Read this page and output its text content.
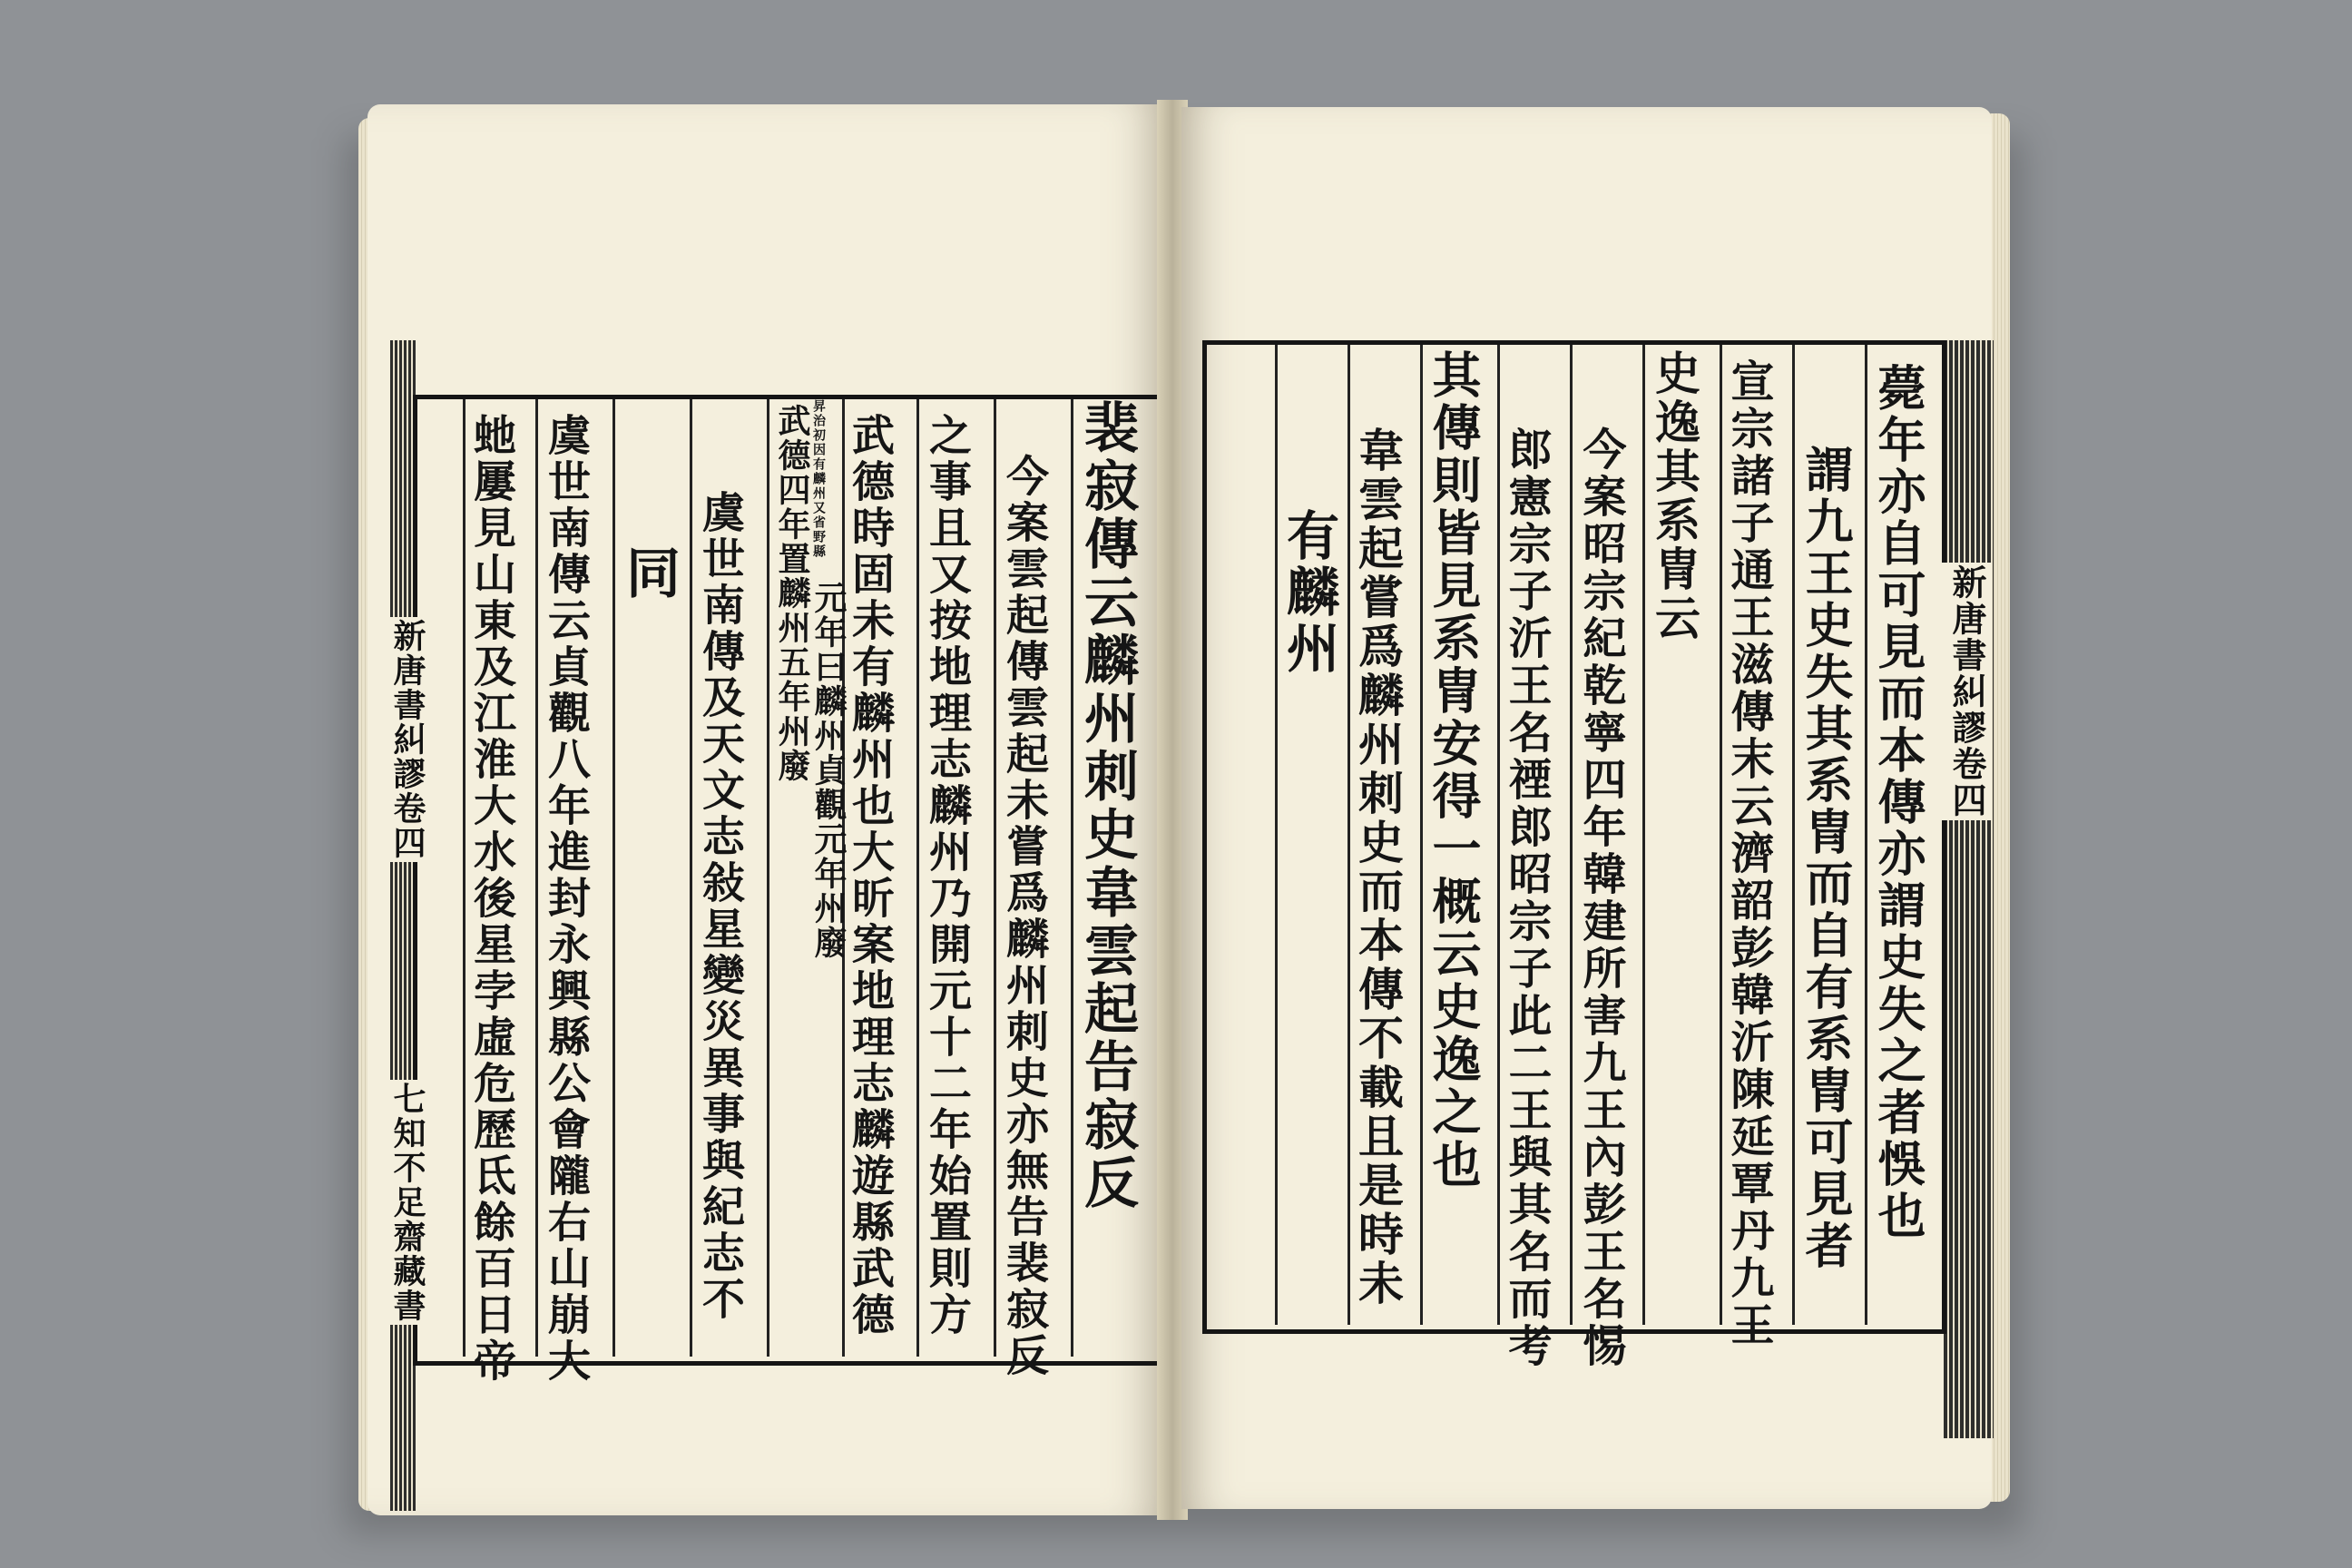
裴寂傳云麟州刺史韋雲起告寂反
今案雲起傳雲起未嘗爲麟州刺史亦無告裴寂反
之事且又按地理志麟州乃開元十二年始置則方
武德時固未有麟州也大昕案地理志麟遊縣武德
元年曰麟州貞觀元年州廢
昇治初因有麟州又省野縣
武德四年置麟州五年州廢
虞世南傳及天文志敍星變災異事與紀志不
同
虞世南傳云貞觀八年進封永興縣公會隴右山崩大
虵屢見山東及江淮大水後星孛虛危歷氐餘百日帝
新唐書糾謬卷四
七知不足齋藏書	薨年亦自可見而本傳亦謂史失之者悞也
謂九王史失其系冑而自有系冑可見者
宣宗諸子通王滋傳末云濟韶彭韓沂陳延覃丹九王
史逸其系冑云
今案昭宗紀乾寧四年韓建所害九王內彭王名惕
郎憲宗子沂王名禋郎昭宗子此二王與其名而考
其傳則皆見系冑安得一概云史逸之也
韋雲起嘗爲麟州刺史而本傳不載且是時未
有麟州	新唐書糾謬卷四
